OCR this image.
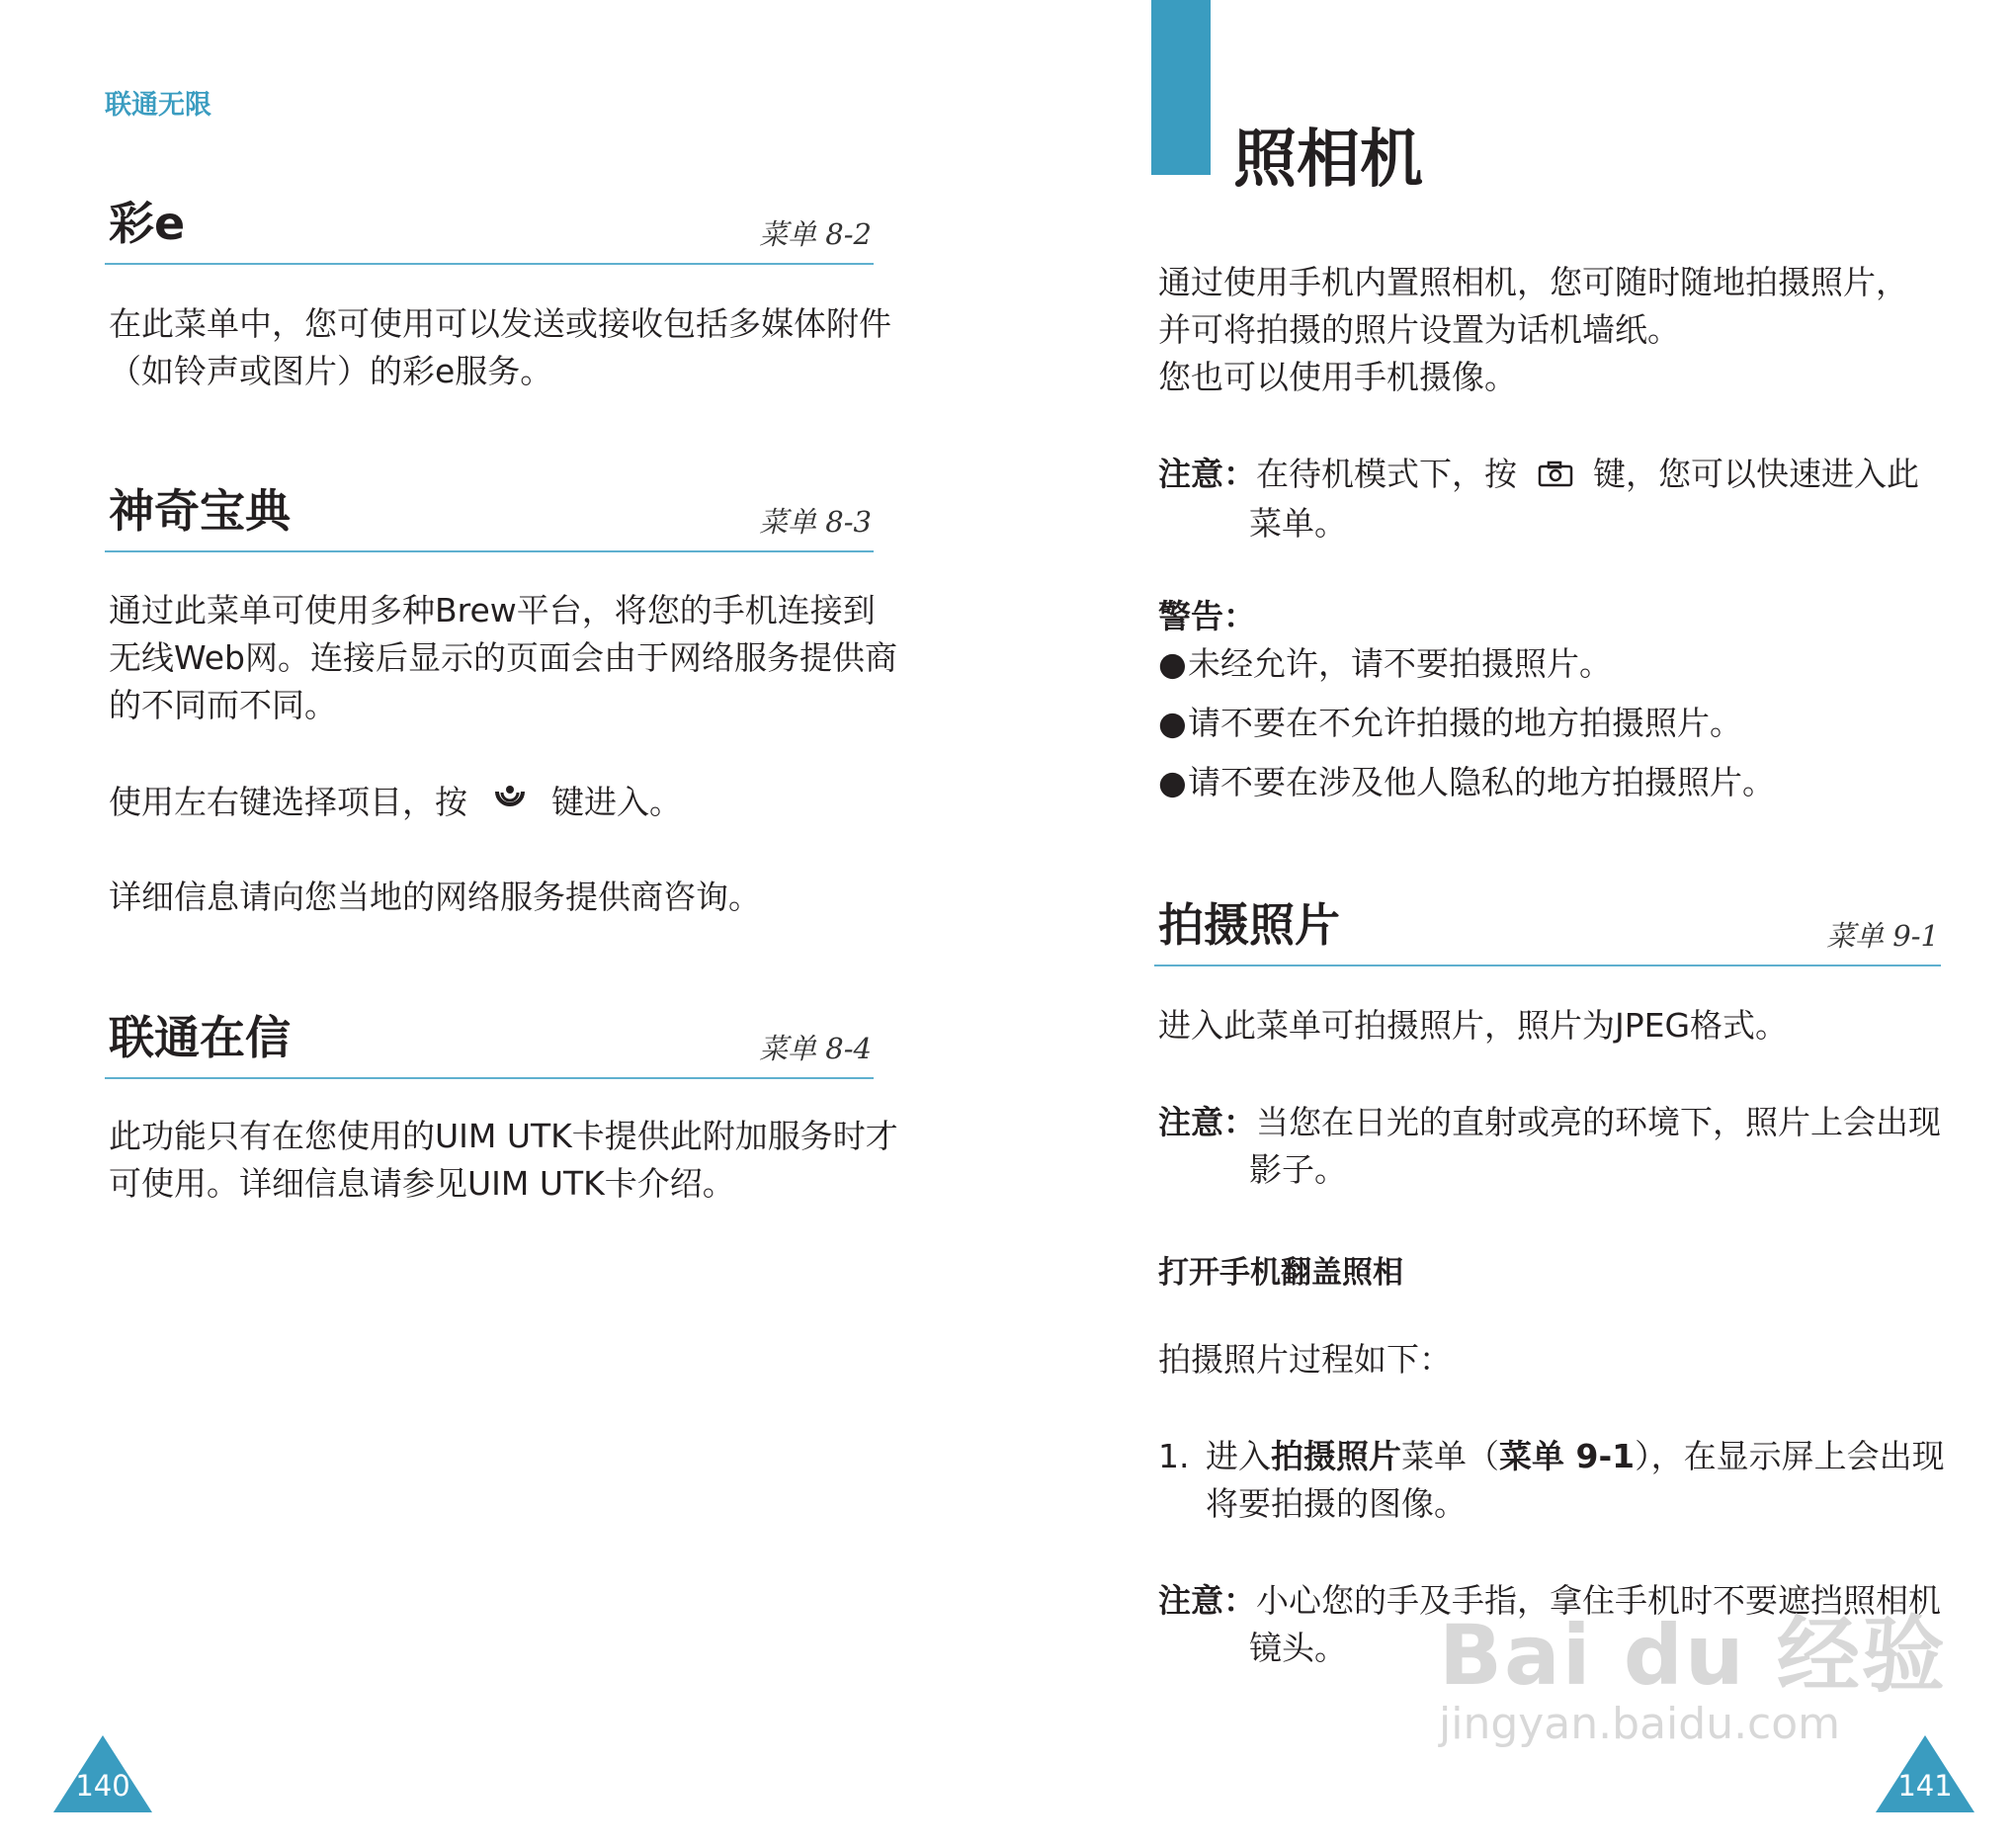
联通无限
彩e	菜单 8-2
在此菜单中，您可使用可以发送或接收包括多媒体附件
（如铃声或图片）的彩e服务。
神奇宝典	菜单 8-3
通过此菜单可使用多种Brew平台，将您的手机连接到
无线Web网。连接后显示的页面会由于网络服务提供商
的不同而不同。
使用左右键选择项目，按	键进入。
详细信息请向您当地的网络服务提供商咨询。
联通在信	菜单 8-4
此功能只有在您使用的UIM UTK卡提供此附加服务时才
可使用。详细信息请参见UIM UTK卡介绍。
140
照相机
通过使用手机内置照相机，您可随时随地拍摄照片，
并可将拍摄的照片设置为话机墙纸。
您也可以使用手机摄像。
注意：在待机模式下，按 键，您可以快速进入此
菜单。
警告：
●未经允许，请不要拍摄照片。
●请不要在不允许拍摄的地方拍摄照片。
●请不要在涉及他人隐私的地方拍摄照片。
拍摄照片	菜单 9-1
进入此菜单可拍摄照片，照片为JPEG格式。
注意：当您在日光的直射或亮的环境下，照片上会出现
影子。
打开手机翻盖照相
拍摄照片过程如下：
1. 进入拍摄照片菜单（菜单 9-1），在显示屏上会出现
将要拍摄的图像。
注意：小心您的手及手指，拿住手机时不要遮挡照相机
镜头。
141
Bai du 经验
jingyan.baidu.com
